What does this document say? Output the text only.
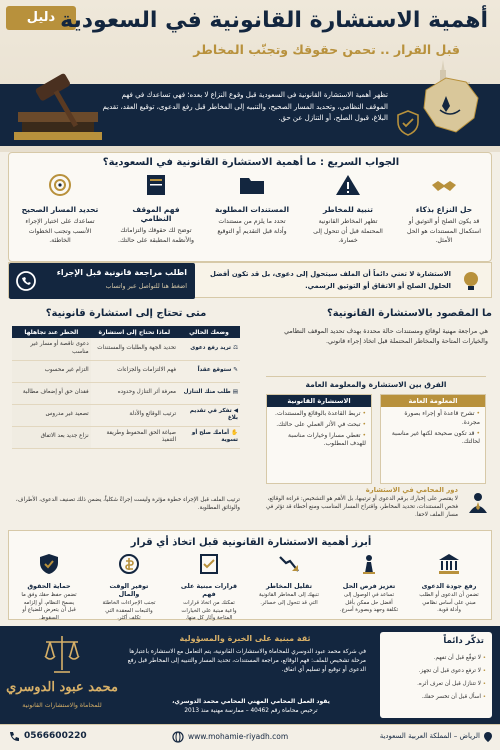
دليل أهمية الاستشارة القانونية في السعودية
قبل القرار .. تحمن حقوقك وتجنّب المخاطر
تظهر أهمية الاستشارة القانونية في السعودية قبل وقوع النزاع لا بعده؛ فهي تساعدك في فهم الموقف النظامي، وتحديد المسار الصحيح، والتنبيه إلى المخاطر قبل رفع الدعوى، توقيع العقد، تقديم البلاغ، قبول الصلح، أو التنازل عن حق.
الجواب السريع : ما أهمية الاستشارة القانونية في السعودية؟
حل النزاع بذكاء
قد يكون الصلح أو التوثيق أو استكمال المستندات هو الحل الأمثل.
تنبية للمخاطر
تظهر المخاطر القانونية المحتملة قبل أن تتحول إلى خسارة.
المستندات المطلوبة
تحدد ما يلزم من مستندات وأدلة قبل التقديم أو التوقيع
فهم الموقف النظامي
توضح لك حقوقك والتزاماتك والأنظمة المطبقة على حالتك.
تحديد المسار الصحيح
تساعدك على اختيار الإجراء الأنسب وتجنب الخطوات الخاطئة.
الاستشارة لا تعني دائماً أن الملف سيتحول إلى دعوى، بل قد تكون أفضل الحلول الصلح أو الاتفاق أو التوثيق الرسمي.
اطلب مراجعة قانونية قبل الإجراء
اضغط هنا للتواصل عبر واتساب
ما المقصود بالاستشارة القانونية؟
هي مراجعة مهنية لوقائع ومستندات حالة محددة بهدف تحديد الموقف النظامي والخيارات المتاحة والمخاطر المحتملة قبل اتخاذ إجراء قانوني.
الفرق بين الاستشارة والمعلومة العامة
المعلومة العامة
• تشرح قاعدة أو إجراء بصورة مجردة.
• قد تكون صحيحة لكنها غير مناسبة لحالتك.
الاستشارة القانونية
• تربط القاعدة بالوقائع والمستندات.
• تبحث في الأثر العملي على حالتك.
• تعطي مسارا وخيارات مناسبة للهدف المطلوب.
دور المحامي في الاستشارة
لا يقتصر على إخبارك برقم الدعوى أو ترتيبها، بل الأهم هو التشخيص: قراءة الوقائع، فحص المستندات، تحديد المخاطر، واقتراح المسار المناسب ومنع أخطاء قد تؤثر في مسار الملف لاحقا.
متى تحتاج إلى استشارة قانونية؟
وضعك الحالي	لماذا تحتاج إلى استشارة	الخطر عند تجاهلها
⚖ تريد رفع دعوى	تحديد الجهة والطلبات والمستندات	دعوى ناقصة أو مسار غير مناسب
✎ ستوقع عقداً	فهم الالتزامات والجزاءات	التزام غير محسوب
▤ طلب منك التنازل	معرفة أثر التنازل وحدوده	فقدان حق أو إضعاف مطالبة
◀ تفكر في تقديم بلاغ	ترتيب الوقائع والأدلة	تصعيد غير مدروس
✋ أمامك صلح أو تسوية	صياغة الحق المحفوظ وطريقة التنفيذ	نزاع جديد بعد الاتفاق
ترتيب الملف قبل الإجراء خطوة مؤثرة وليست إجراءً شكلياً، يضمن ذلك تصنيف الدعوى، الأطراف، والوثائق المطلوبة.
أبرز أهمية الاستشارة القانونية قبل اتخاذ أي قرار
رفع جودة الدعوى
تضمن أن الدعوى أو الطلب مبني على أساس نظامي وأدلة قوية.
تعزيز فرص الحل
تساعد في الوصول إلى أفضل حل ممكن بأقل تكلفة وجهد وبصورة أسرع.
تقليل المخاطر
تنبهك إلى المخاطر القانونية التي قد تتحول إلى خسائر.
قرارات مبنية على فهم
تمكنك من اتخاذ قرارات واعية مبنية على الخيارات المتاحة وآثار كل منها.
توفير الوقت والمال
تجنب الإجراءات الخاطئة والتبعات المعقدة التي تكلف أكثر.
حماية الحقوق
تضمن حفظ حقك وفق ما يسمح النظام، أو إلزامه قبل أن يتعرض للضياع أو السقوط.
تذكّر دائماً
• لا توقّع قبل أن تفهم.
• لا ترفع دعوى قبل أن تجهز.
• لا تتنازل قبل أن تعرف أثره.
• اسأل قبل أن تخسر حقك.
ثقة مبنية على الخبرة والمسؤولية
في شركة محمد عبود الدوسري للمحاماة والاستشارات القانونية، يتم التعامل مع الاستشارة باعتبارها مرحلة تشخيص للملف: فهم الوقائع، مراجعة المستندات، تحديد المسار والتنبيه إلى المخاطر قبل رفع الدعوى أو توقيع أو تسليم أي اتفاق.
يقود العمل المحامي المهني المحامي محمد الدوسري،
ترخيص محاماة رقم 40462 – ممارسة مهنية منذ 2013
محمد عبود الدوسري
للمحاماة والاستشارات القانونية
الرياض – المملكة العربية السعودية
www.mohamie-riyadh.com
0566600220
